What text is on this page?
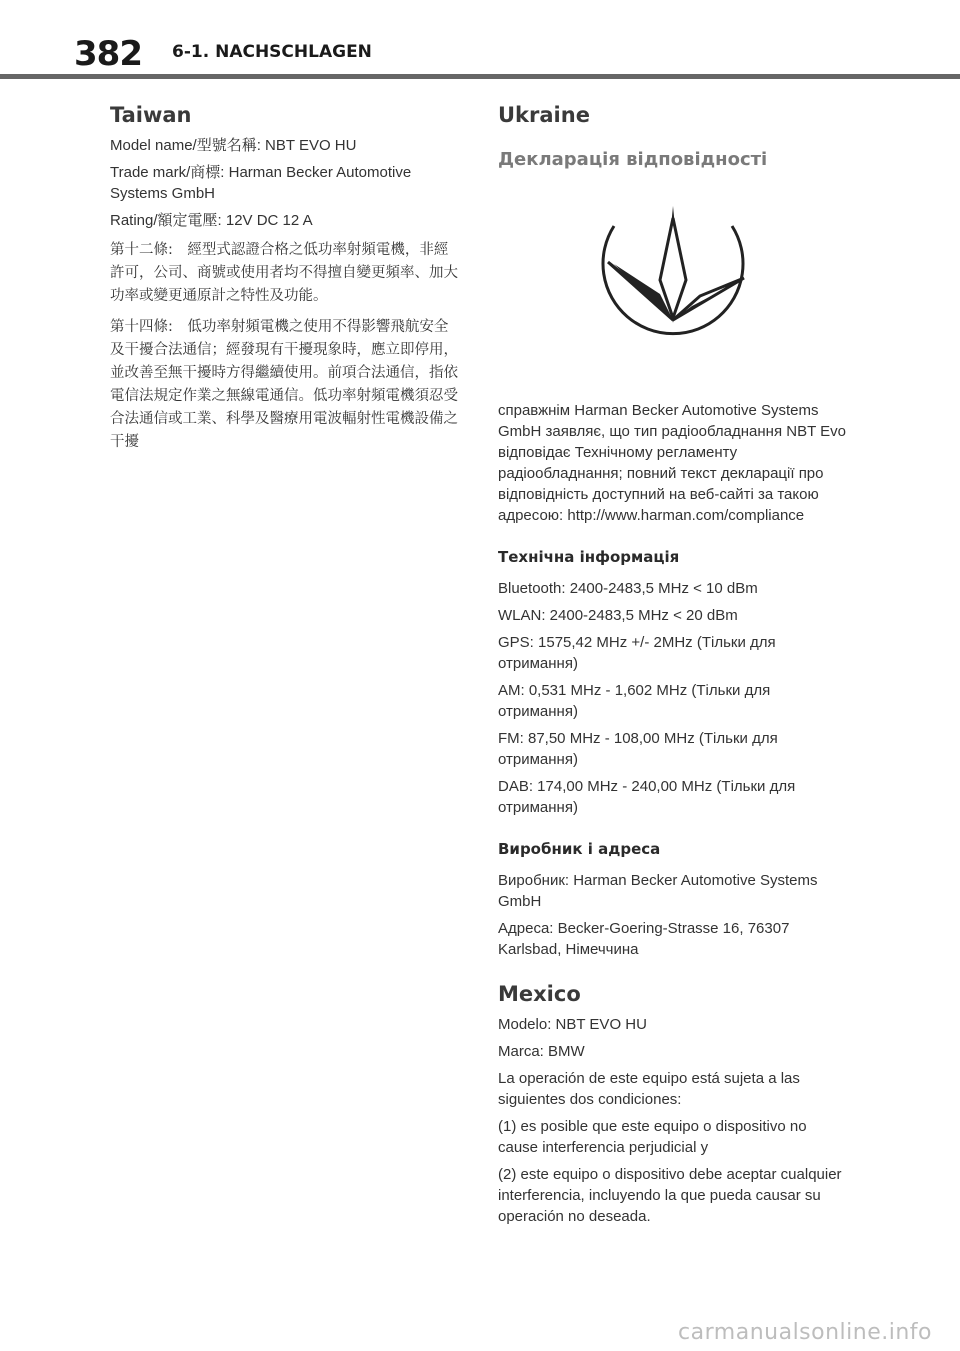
382 6-1. NACHSCHLAGEN
Taiwan

Model name/型號名稱: NBT EVO HU

Trade mark/商標: Harman Becker Automotive Systems GmbH

Rating/額定電壓: 12V DC 12 A

第十二條:　經型式認證合格之低功率射頻電機，非經許可，公司、商號或使用者均不得擅自變更頻率、加大功率或變更通原計之特性及功能。

第十四條:　低功率射頻電機之使用不得影響飛航安全及干擾合法通信；經發現有干擾現象時，應立即停用，並改善至無干擾時方得繼續使用。前項合法通信，指依電信法規定作業之無線電通信。低功率射頻電機須忍受合法通信或工業、科學及醫療用電波輻射性電機設備之干擾

Ukraine
Декларація відповідності

справжнім Harman Becker Automotive Systems GmbH заявляє, що тип радіообладнання NBT Evo відповідає Технічному регламенту радіообладнання; повний текст декларації про відповідність доступний на веб-сайті за такою адресою: http://www.harman.com/compliance

Технічна інформація

Bluetooth: 2400-2483,5 MHz < 10 dBm

WLAN: 2400-2483,5 MHz < 20 dBm

GPS: 1575,42 MHz +/- 2MHz (Тільки для отримання)

AM: 0,531 MHz - 1,602 MHz (Тільки для отримання)

FM: 87,50 MHz - 108,00 MHz (Тільки для отримання)

DAB: 174,00 MHz - 240,00 MHz (Тільки для отримання)

Виробник і адреса

Виробник: Harman Becker Automotive Systems GmbH

Адреса: Becker-Goering-Strasse 16, 76307 Karlsbad, Німеччина

Mexico

Modelo: NBT EVO HU

Marca: BMW

La operación de este equipo está sujeta a las siguientes dos condiciones:

(1) es posible que este equipo o dispositivo no cause interferencia perjudicial y

(2) este equipo o dispositivo debe aceptar cualquier interferencia, incluyendo la que pueda causar su operación no deseada.

carmanualsonline.info
